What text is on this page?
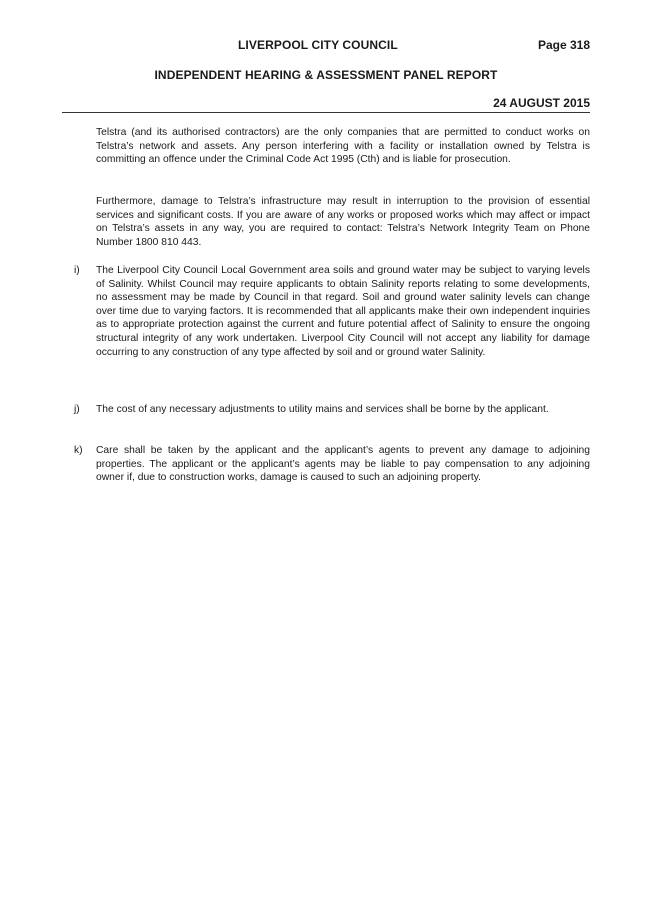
LIVERPOOL CITY COUNCIL	Page 318
INDEPENDENT HEARING & ASSESSMENT PANEL REPORT
24 AUGUST 2015

Telstra (and its authorised contractors) are the only companies that are permitted to conduct works on Telstra’s network and assets. Any person interfering with a facility or installation owned by Telstra is committing an offence under the Criminal Code Act 1995 (Cth) and is liable for prosecution.

Furthermore, damage to Telstra’s infrastructure may result in interruption to the provision of essential services and significant costs. If you are aware of any works or proposed works which may affect or impact on Telstra’s assets in any way, you are required to contact: Telstra’s Network Integrity Team on Phone Number 1800 810 443.

i) The Liverpool City Council Local Government area soils and ground water may be subject to varying levels of Salinity. Whilst Council may require applicants to obtain Salinity reports relating to some developments, no assessment may be made by Council in that regard. Soil and ground water salinity levels can change over time due to varying factors. It is recommended that all applicants make their own independent inquiries as to appropriate protection against the current and future potential affect of Salinity to ensure the ongoing structural integrity of any work undertaken. Liverpool City Council will not accept any liability for damage occurring to any construction of any type affected by soil and or ground water Salinity.

j) The cost of any necessary adjustments to utility mains and services shall be borne by the applicant.

k) Care shall be taken by the applicant and the applicant’s agents to prevent any damage to adjoining properties. The applicant or the applicant’s agents may be liable to pay compensation to any adjoining owner if, due to construction works, damage is caused to such an adjoining property.
